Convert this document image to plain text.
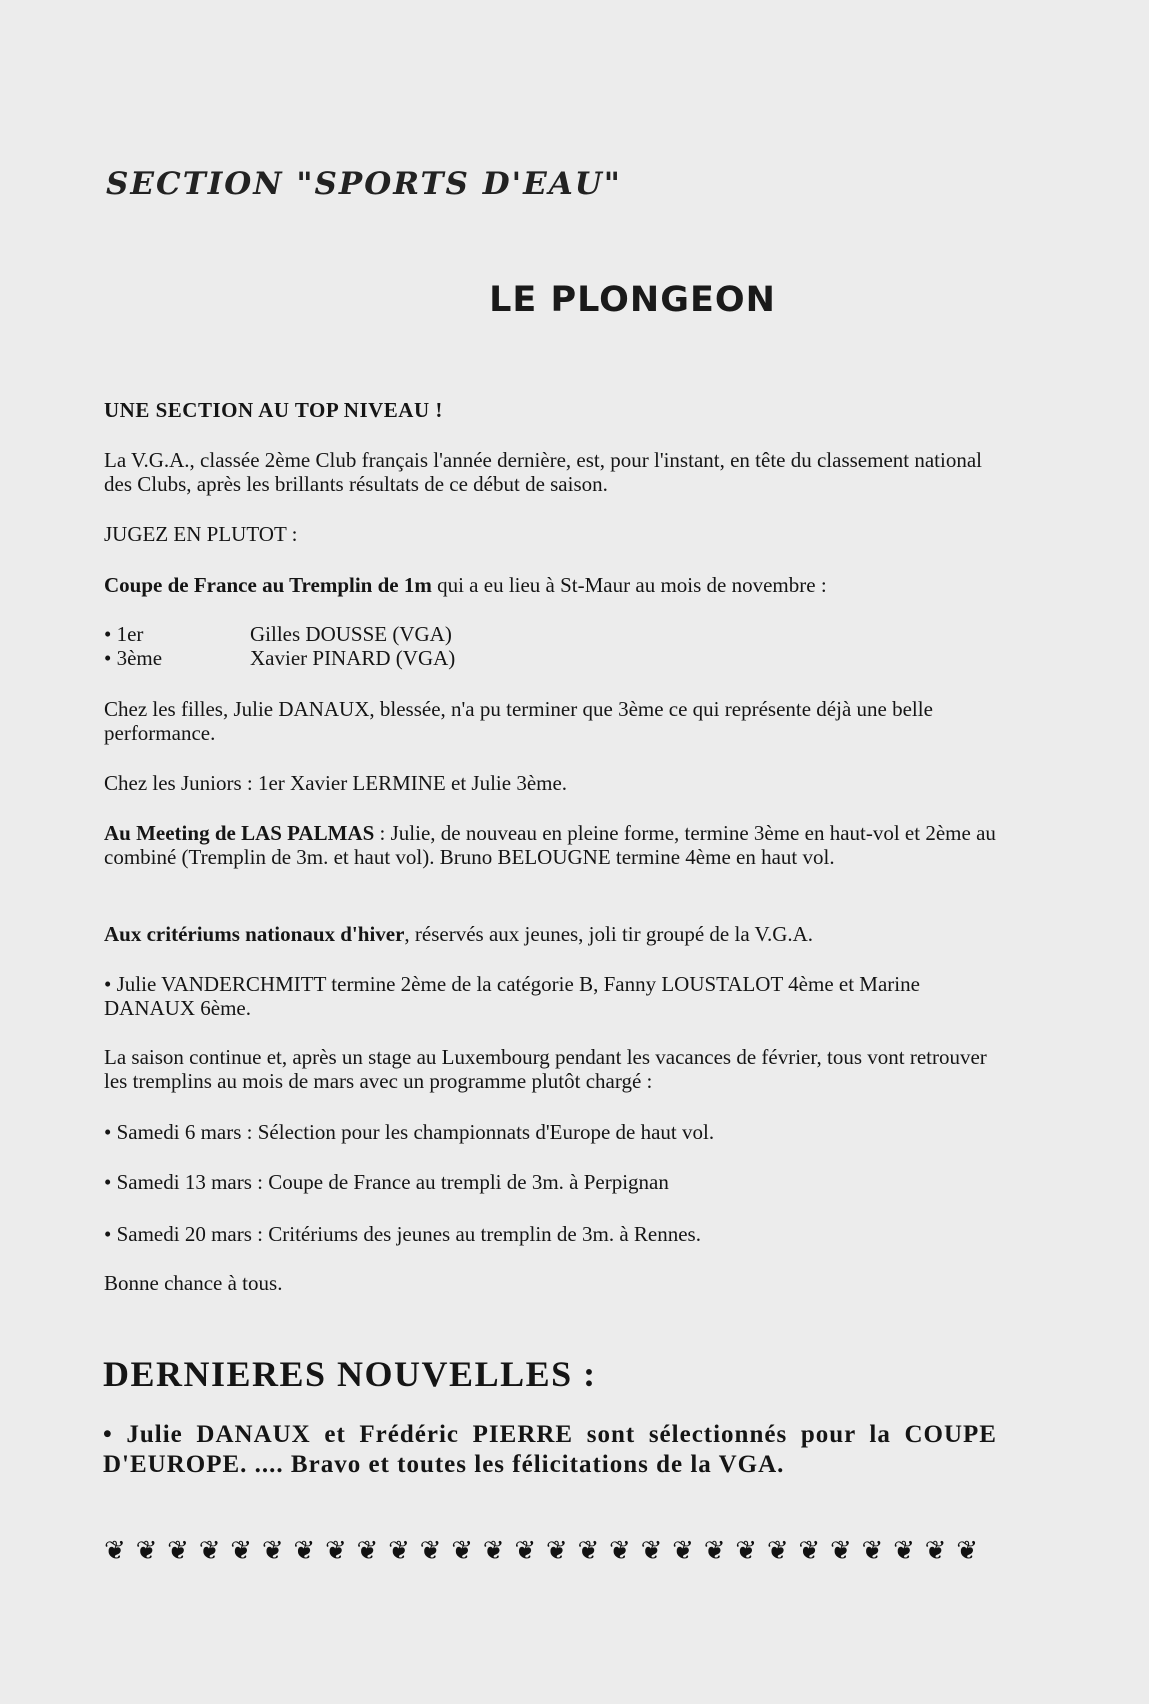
SECTION "SPORTS D'EAU"
LE PLONGEON
UNE SECTION AU TOP NIVEAU !
La V.G.A., classée 2ème Club français l'année dernière, est, pour l'instant, en tête du classement national des Clubs, après les brillants résultats de ce début de saison.
JUGEZ EN PLUTOT :
Coupe de France au Tremplin de 1m qui a eu lieu à St-Maur au mois de novembre :
• 1er	Gilles DOUSSE (VGA)
• 3ème	Xavier PINARD (VGA)
Chez les filles, Julie DANAUX, blessée, n'a pu terminer que 3ème ce qui représente déjà une belle performance.
Chez les Juniors : 1er Xavier LERMINE et Julie 3ème.
Au Meeting de LAS PALMAS : Julie, de nouveau en pleine forme, termine 3ème en haut-vol et 2ème au combiné (Tremplin de 3m. et haut vol). Bruno BELOUGNE termine 4ème en haut vol.
Aux critériums nationaux d'hiver, réservés aux jeunes, joli tir groupé de la V.G.A.
• Julie VANDERCHMITT termine 2ème de la catégorie B, Fanny LOUSTALOT 4ème et Marine DANAUX 6ème.
La saison continue et, après un stage au Luxembourg pendant les vacances de février, tous vont retrouver les tremplins au mois de mars avec un programme plutôt chargé :
• Samedi 6 mars : Sélection pour les championnats d'Europe de haut vol.
• Samedi 13 mars : Coupe de France au trempli de 3m. à Perpignan
• Samedi 20 mars : Critériums des jeunes au tremplin de 3m. à Rennes.
Bonne chance à tous.
DERNIERES NOUVELLES :
• Julie DANAUX et Frédéric PIERRE sont sélectionnés pour la COUPE D'EUROPE. .... Bravo et toutes les félicitations de la VGA.
❦ ❦ ❦ ❦ ❦ ❦ ❦ ❦ ❦ ❦ ❦ ❦ ❦ ❦ ❦ ❦ ❦ ❦ ❦ ❦ ❦ ❦ ❦ ❦ ❦ ❦ ❦ ❦
